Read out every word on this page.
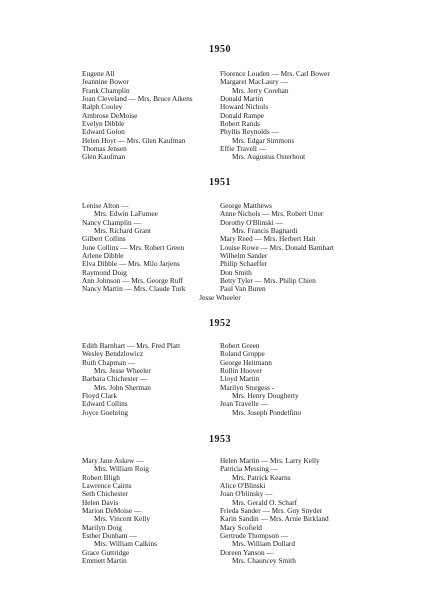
1950
Eugene All
Jeannine Bower
Frank Champlin
Joan Cleveland — Mrs. Bruce Aikens
Ralph Cooley
Ambrose DeMoise
Evelyn Dibble
Edward Golon
Helen Hoyt — Mrs. Glen Kaufman
Thomas Jensen
Glen Kaufman
Florence Louden — Mrs. Carl Bower
Margaret MacLaury —
Mrs. Jerry Corehan
Donald Martin
Howard Nichols
Donald Rampe
Robert Rands
Phyllis Reynolds —
Mrs. Edgar Simmons
Effie Travell —
Mrs. Augustus Osterhout
1951
Lenise Alton —
Mrs. Edwin LaFumee
Nancy Champlin —
Mrs. Richard Grant
Gilbert Collins
June Collins — Mrs. Robert Green
Arlene Dibble
Elva Dibble — Mrs. Milo Jarjens
Raymond Doig
Ann Johnson — Mrs. George Ruff
Nancy Martin — Mrs. Claude Turk
George Matthews
Anne Nichols — Mrs. Robert Utter
Dorothy O'Blinski —
Mrs. Francis Bagnardi
Mary Reed — Mrs. Herbert Hait
Louise Rowe — Mrs. Donald Barnhart
Wilhelm Sander
Philip Schaeffer
Don Smith
Betty Tyler — Mrs. Philip Chien
Paul Van Buren
Jesse Wheeler
1952
Edith Barnhart — Mrs. Fred Platt
Wesley Bendzlowicz
Ruth Chapman —
Mrs. Jesse Wheeler
Barbara Chichester —
Mrs. John Sherman
Floyd Clark
Edward Collins
Joyce Goehring
Robert Green
Roland Groppe
George Heitmann
Rollin Hoover
Lloyd Martin
Marilyn Sturgess -
Mrs. Henry Dougherty
Jean Travelle —
Mrs. Joseph Pondelfino
1953
Mary Jane Askew —
Mrs. William Roig
Robert Bligh
Lawrence Cairns
Seth Chichester
Helen Davis
Marion DeMoise —
Mrs. Vincent Kelly
Marilyn Doig
Esther Dunham —
Mrs. William Calkins
Grace Guttridge
Emmett Martin
Helen Martin — Mrs. Larry Kelly
Patricia Messing —
Mrs. Patrick Kearns
Alice O'Blinski
Joan O'blinsky —
Mrs. Gerald O. Scharf
Frieda Sander — Mrs. Guy Snyder
Karin Sandin — Mrs. Arnie Birkland
Mary Scofield
Gertrude Thompson —
Mrs. William Dollard
Doreen Yanson —
Mrs. Chauncey Smith
